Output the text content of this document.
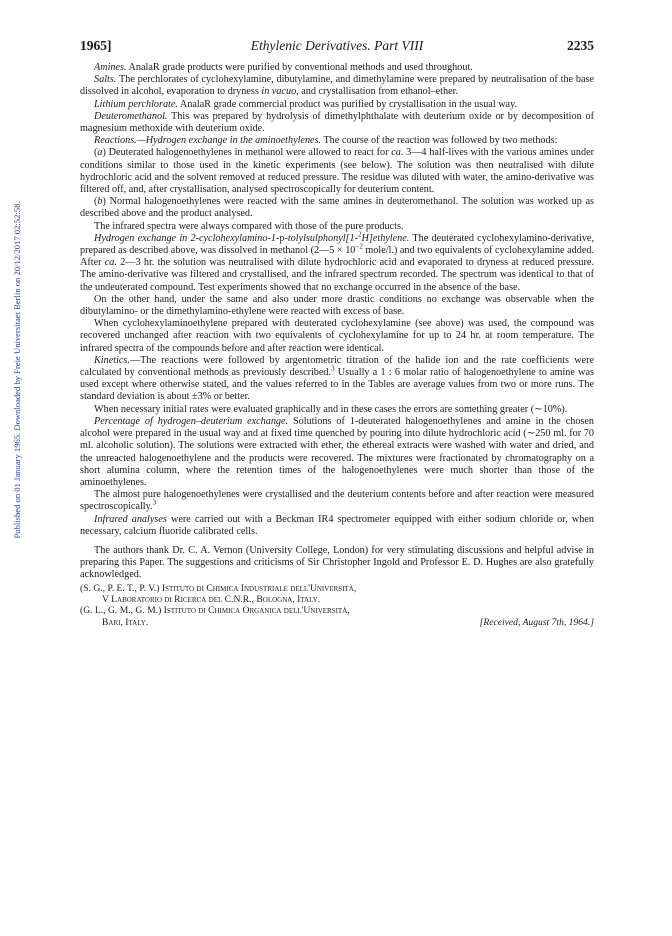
1965]	Ethylenic Derivatives. Part VIII	2235
Published on 01 January 1965. Downloaded by Freie Universitaet Berlin on 20/12/2017 02:52:58.

Amines. AnalaR grade products were purified by conventional methods and used throughout.

Salts. The perchlorates of cyclohexylamine, dibutylamine, and dimethylamine were prepared by neutralisation of the base dissolved in alcohol, evaporation to dryness in vacuo, and crystallisation from ethanol–ether.

Lithium perchlorate. AnalaR grade commercial product was purified by crystallisation in the usual way.

Deuteromethanol. This was prepared by hydrolysis of dimethylphthalate with deuterium oxide or by decomposition of magnesium methoxide with deuterium oxide.

Reactions.—Hydrogen exchange in the aminoethylenes. The course of the reaction was followed by two methods:

(a) Deuterated halogenoethylenes in methanol were allowed to react for ca. 3—4 half-lives with the various amines under conditions similar to those used in the kinetic experiments (see below). The solution was then neutralised with dilute hydrochloric acid and the solvent removed at reduced pressure. The residue was diluted with water, the amino-derivative was filtered off, and, after crystallisation, analysed spectroscopically for deuterium content.

(b) Normal halogenoethylenes were reacted with the same amines in deuteromethanol. The solution was worked up as described above and the product analysed.

The infrared spectra were always compared with those of the pure products.

Hydrogen exchange in 2-cyclohexylamino-1-p-tolylsulphonyl[1-$^2$H]ethylene. The deuterated cyclohexylamino-derivative, prepared as described above, was dissolved in methanol (2—5 × $10^{-2}$ mole/l.) and two equivalents of cyclohexylamine added. After ca. 2—3 hr. the solution was neutralised with dilute hydrochloric acid and evaporated to dryness at reduced pressure. The amino-derivative was filtered and crystallised, and the infrared spectrum recorded. The spectrum was identical to that of the undeuterated compound. Test experiments showed that no exchange occurred in the absence of the base.

On the other hand, under the same and also under more drastic conditions no exchange was observable when the dibutylamino- or the dimethylamino-ethylene were reacted with excess of base.

When cyclohexylaminoethylene prepared with deuterated cyclohexylamine (see above) was used, the compound was recovered unchanged after reaction with two equivalents of cyclohexylamine for up to 24 hr. at room temperature. The infrared spectra of the compounds before and after reaction were identical.

Kinetics.—The reactions were followed by argentometric titration of the halide ion and the rate coefficients were calculated by conventional methods as previously described.$^3$ Usually a 1 : 6 molar ratio of halogenoethylene to amine was used except where otherwise stated, and the values referred to in the Tables are average values from two or more runs. The standard deviation is about ±3% or better.

When necessary initial rates were evaluated graphically and in these cases the errors are something greater (∼10%).

Percentage of hydrogen–deuterium exchange. Solutions of 1-deuterated halogenoethylenes and amine in the chosen alcohol were prepared in the usual way and at fixed time quenched by pouring into dilute hydrochloric acid (∼250 ml. for 70 ml. alcoholic solution). The solutions were extracted with ether, the ethereal extracts were washed with water and dried, and the unreacted halogenoethylene and the products were recovered. The mixtures were fractionated by chromatography on a short alumina column, where the retention times of the halogenoethylenes were much shorter than those of the aminoethylenes.

The almost pure halogenoethylenes were crystallised and the deuterium contents before and after reaction were measured spectroscopically.$^3$

Infrared analyses were carried out with a Beckman IR4 spectrometer equipped with either sodium chloride or, when necessary, calcium fluoride calibrated cells.

The authors thank Dr. C. A. Vernon (University College, London) for very stimulating discussions and helpful advise in preparing this Paper. The suggestions and criticisms of Sir Christopher Ingold and Professor E. D. Hughes are also gratefully acknowledged.

(S. G., P. E. T., P. V.) Istituto di Chimica Industriale dell'Università,
V Laboratorio di Ricerca del C.N.R., Bologna, Italy.
(G. L., G. M., G. M.) Istituto di Chimica Organica dell'Università,
Bari, Italy.	[Received, August 7th, 1964.]
